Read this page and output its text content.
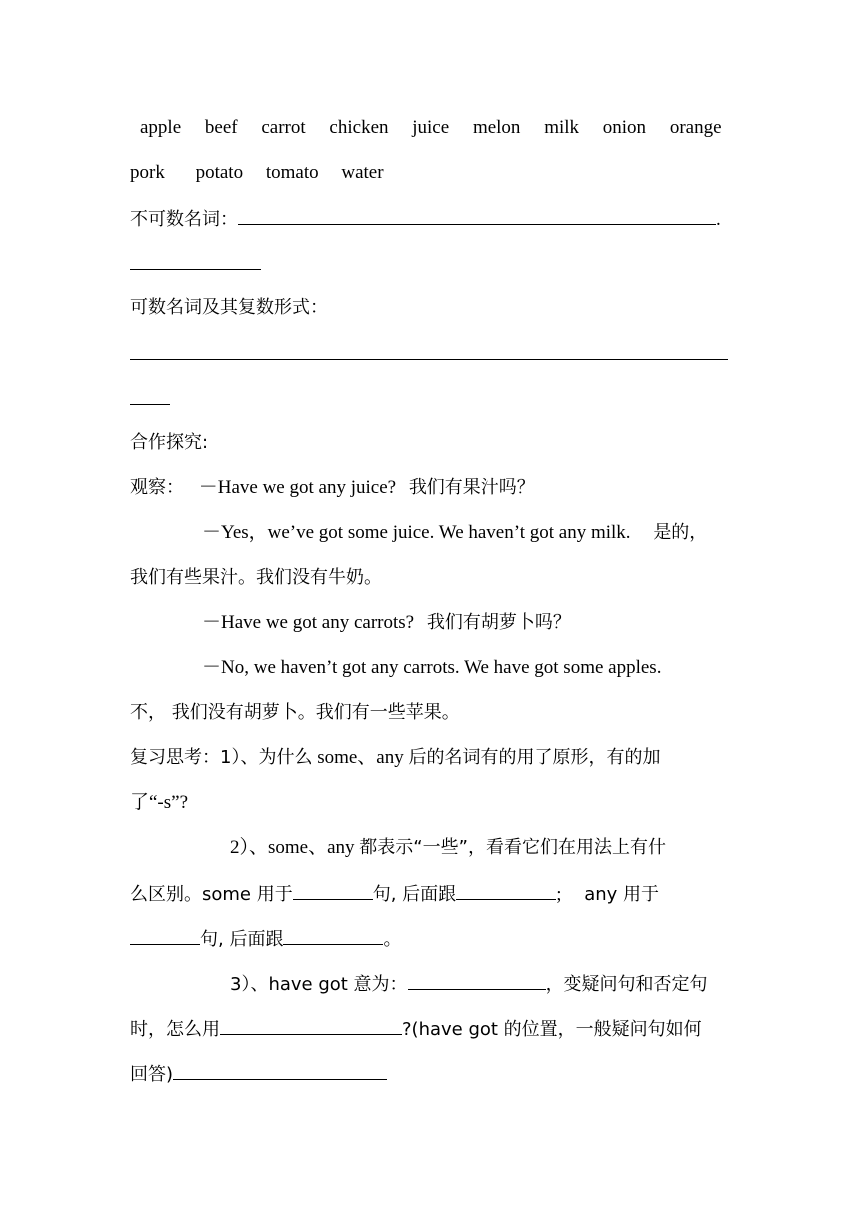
apple beef carrot chicken juice melon milk onion orange
pork potato tomato water
不可数名词：	.
可数名词及其复数形式：
合作探究:
观察： －Have we got any juice? 我们有果汁吗？
－Yes，we’ve got some juice. We haven’t got any milk. 是的，
我们有些果汁。我们没有牛奶。
－Have we got any carrots? 我们有胡萝卜吗？
－No, we haven’t got any carrots. We have got some apples.
不， 我们没有胡萝卜。我们有一些苹果。
复习思考：1）、为什么 some、any 后的名词有的用了原形，有的加
了“-s”?
2）、some、any 都表示“一些”，看看它们在用法上有什
么区别。some 用于	句, 后面跟	; any 用于
句, 后面跟	。
3）、have got 意为：	，变疑问句和否定句
时，怎么用	?(have got 的位置，一般疑问句如何
回答)
